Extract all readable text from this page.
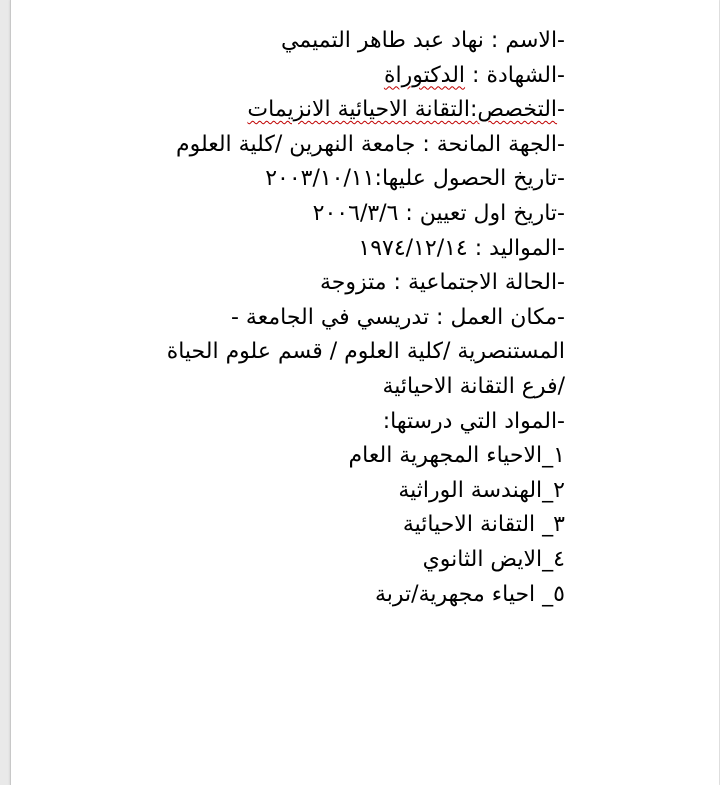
-الاسم : نهاد عبد طاهر التميمي

-الشهادة : الدكتوراة

-التخصص:التقانة الاحيائية الانزيمات

-الجهة المانحة : جامعة النهرين /كلية العلوم

-تاريخ الحصول عليها:٢٠٠٣/١٠/١١

-تاريخ اول تعيين : ٢٠٠٦/٣/٦

-المواليد : ١٩٧٤/١٢/١٤

-الحالة الاجتماعية : متزوجة

-مكان العمل : تدريسي في الجامعة -

المستنصرية /كلية العلوم / قسم علوم الحياة

/فرع التقانة الاحيائية

-المواد التي درستها:

١_الاحياء المجهرية العام

٢_الهندسة الوراثية

٣_ التقانة الاحيائية

٤_الايض الثانوي

٥_ احياء مجهرية/تربة
